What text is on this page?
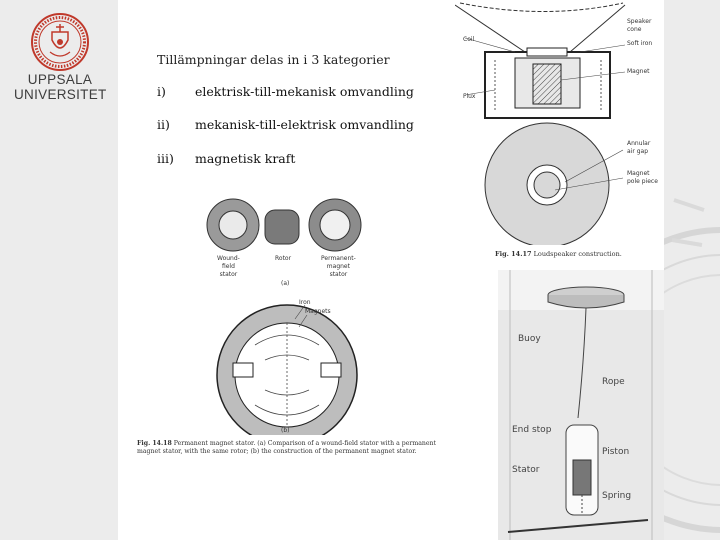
UPPSALA
UNIVERSITET
Tillämpningar delas in i 3 kategorier
i) elektrisk-till-mekanisk omvandling
ii) mekanisk-till-elektrisk omvandling
iii) magnetisk kraft
Speaker
cone
Coil
Soft iron
Magnet
Flux
Annular
air gap
Magnet
pole piece
Fig. 14.17 Loudspeaker construction.
Wound-
field
stator
Rotor	Permanent-
magnet
stator
(a)
Iron
Magnets
(b)
Fig. 14.18 Permanent magnet stator. (a) Comparison of a wound-field stator with a permanent
magnet stator, with the same rotor; (b) the construction of the permanent magnet stator.
Buoy
Rope
End stop
Piston
Stator
Spring
